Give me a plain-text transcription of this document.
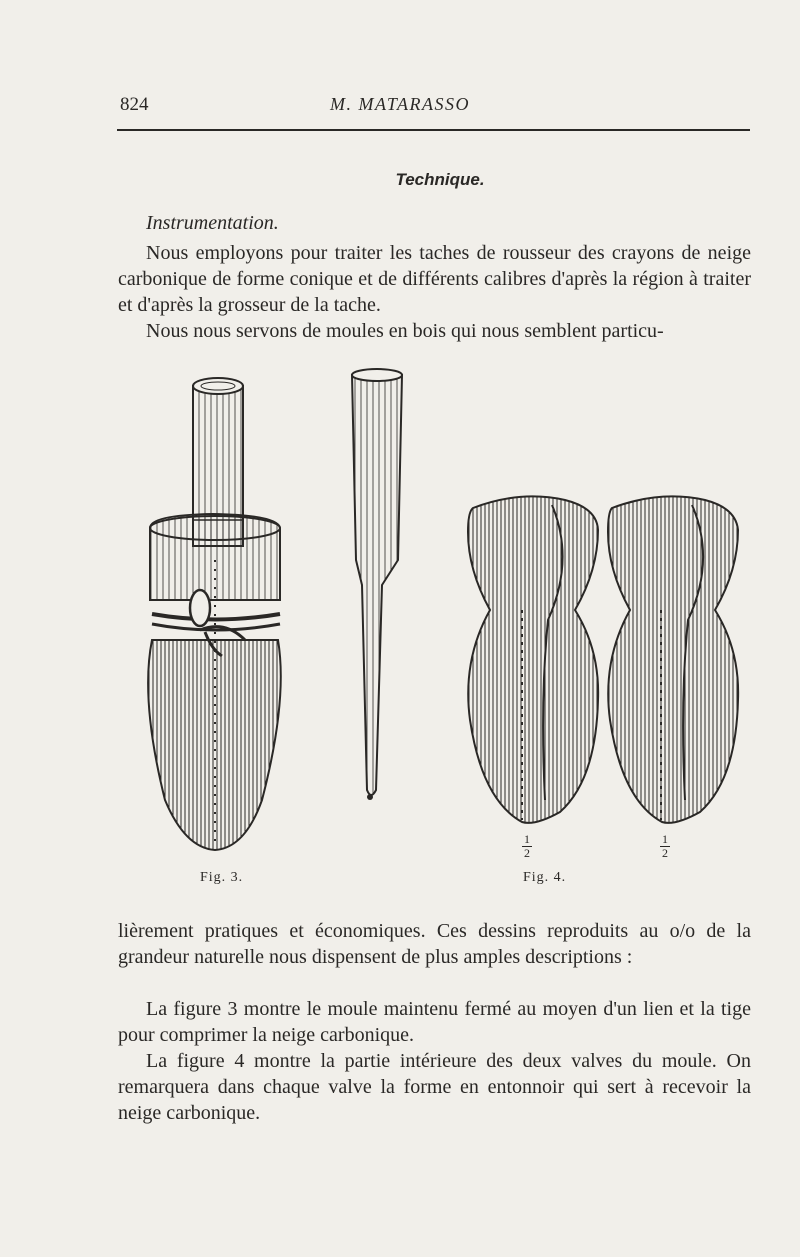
824	M. MATARASSO
Technique.
Instrumentation.

Nous employons pour traiter les taches de rousseur des crayons de neige carbonique de forme conique et de différents calibres d'après la région à traiter et d'après la grosseur de la tache.

Nous nous servons de moules en bois qui nous semblent particu-

1
2
1
2
Fig. 3.	Fig. 4.

lièrement pratiques et économiques. Ces dessins reproduits au o/o de la grandeur naturelle nous dispensent de plus amples descriptions :

La figure 3 montre le moule maintenu fermé au moyen d'un lien et la tige pour comprimer la neige carbonique.

La figure 4 montre la partie intérieure des deux valves du moule. On remarquera dans chaque valve la forme en entonnoir qui sert à recevoir la neige carbonique.
